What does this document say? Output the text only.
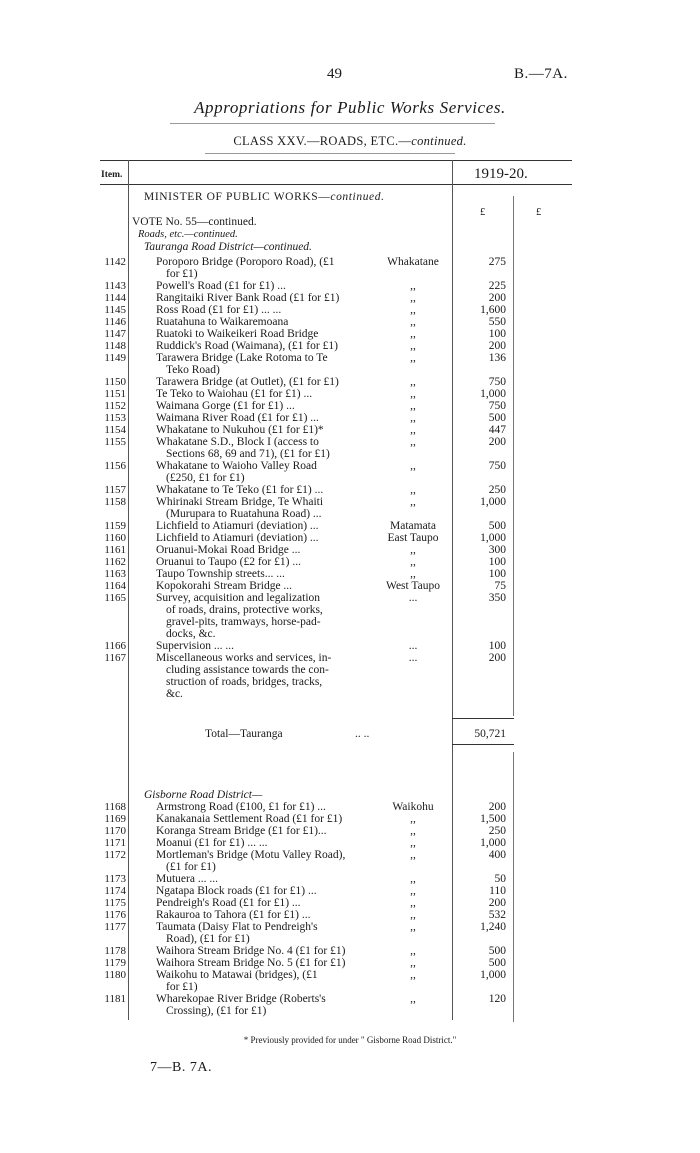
49	B.—7A.
Appropriations for Public Works Services.
CLASS XXV.—ROADS, ETC.—continued.
Item.	1919-20.
£	£
MINISTER OF PUBLIC WORKS—continued.
VOTE No. 55—continued.
Roads, etc.—continued.
Tauranga Road District—continued.
1142	Poroporo Bridge (Poroporo Road), (£1
for £1)
Whakatane	275
1143	Powell's Road (£1 for £1) ...	,,	225
1144	Rangitaiki River Bank Road (£1 for £1)	,,	200
1145	Ross Road (£1 for £1) ... ...	,,	1,600
1146	Ruatahuna to Waikaremoana	,,	550
1147	Ruatoki to Waikeikeri Road Bridge	,,	100
1148	Ruddick's Road (Waimana), (£1 for £1)	,,	200
1149	Tarawera Bridge (Lake Rotoma to Te
Teko Road)
,,	136
1150	Tarawera Bridge (at Outlet), (£1 for £1)	,,	750
1151	Te Teko to Waiohau (£1 for £1) ...	,,	1,000
1152	Waimana Gorge (£1 for £1) ...	,,	750
1153	Waimana River Road (£1 for £1) ...	,,	500
1154	Whakatane to Nukuhou (£1 for £1)*	,,	447
1155	Whakatane S.D., Block I (access to
Sections 68, 69 and 71), (£1 for £1)
,,	200
1156	Whakatane to Waioho Valley Road
(£250, £1 for £1)
,,	750
1157	Whakatane to Te Teko (£1 for £1) ...	,,	250
1158	Whirinaki Stream Bridge, Te Whaiti
(Murupara to Ruatahuna Road) ...
,,	1,000
1159	Lichfield to Atiamuri (deviation) ...	Matamata	500
1160	Lichfield to Atiamuri (deviation) ...	East Taupo	1,000
1161	Oruanui-Mokai Road Bridge ...	,,	300
1162	Oruanui to Taupo (£2 for £1) ...	,,	100
1163	Taupo Township streets... ...	,,	100
1164	Kopokorahi Stream Bridge ...	West Taupo	75
1165	Survey, acquisition and legalization
of roads, drains, protective works,
gravel-pits, tramways, horse-pad-
docks, &c.
...	350
1166	Supervision ... ...	...	100
1167	Miscellaneous works and services, in-
cluding assistance towards the con-
struction of roads, bridges, tracks,
&c.
...	200
Total—Tauranga	.. ..	50,721
Gisborne Road District—
1168	Armstrong Road (£100, £1 for £1) ...	Waikohu	200
1169	Kanakanaia Settlement Road (£1 for £1)	,,	1,500
1170	Koranga Stream Bridge (£1 for £1)...	,,	250
1171	Moanui (£1 for £1) ... ...	,,	1,000
1172	Mortleman's Bridge (Motu Valley Road),
(£1 for £1)
,,	400
1173	Mutuera ... ...	,,	50
1174	Ngatapa Block roads (£1 for £1) ...	,,	110
1175	Pendreigh's Road (£1 for £1) ...	,,	200
1176	Rakauroa to Tahora (£1 for £1) ...	,,	532
1177	Taumata (Daisy Flat to Pendreigh's
Road), (£1 for £1)
,,	1,240
1178	Waihora Stream Bridge No. 4 (£1 for £1)	,,	500
1179	Waihora Stream Bridge No. 5 (£1 for £1)	,,	500
1180	Waikohu to Matawai (bridges), (£1
for £1)
,,	1,000
1181	Wharekopae River Bridge (Roberts's
Crossing), (£1 for £1)
,,	120
* Previously provided for under " Gisborne Road District."
7—B. 7A.
